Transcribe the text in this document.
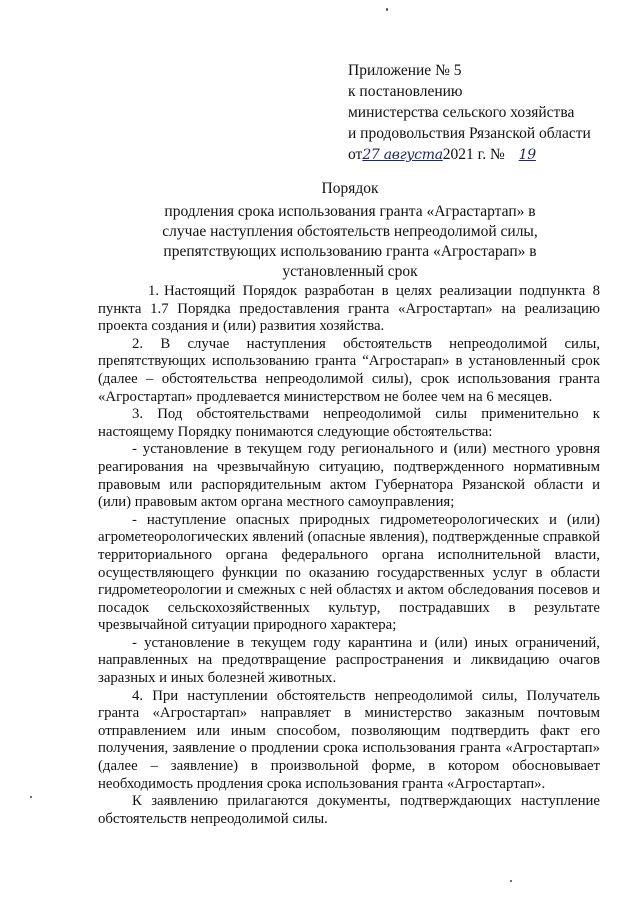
Приложение № 5
к постановлению
министерства сельского хозяйства
и продовольствия Рязанской области
от27 августа2021 г. № 19
Порядок
продления срока использования гранта «Аграстартап» в
случае наступления обстоятельств непреодолимой силы,
препятствующих использованию гранта «Агростарап» в
установленный срок

1. Настоящий Порядок разработан в целях реализации подпункта 8 пункта 1.7 Порядка предоставления гранта «Агростартап» на реализацию проекта создания и (или) развития хозяйства.

2. В случае наступления обстоятельств непреодолимой силы, препятствующих использованию гранта “Агростарап» в установленный срок (далее – обстоятельства непреодолимой силы), срок использования гранта «Агростартап» продлевается министерством не более чем на 6 месяцев.

3. Под обстоятельствами непреодолимой силы применительно к настоящему Порядку понимаются следующие обстоятельства:

- установление в текущем году регионального и (или) местного уровня реагирования на чрезвычайную ситуацию, подтвержденного нормативным правовым или распорядительным актом Губернатора Рязанской области и (или) правовым актом органа местного самоуправления;

- наступление опасных природных гидрометеорологических и (или) агрометеорологических явлений (опасные явления), подтвержденные справкой территориального органа федерального органа исполнительной власти, осуществляющего функции по оказанию государственных услуг в области гидрометеорологии и смежных с ней областях и актом обследования посевов и посадок сельскохозяйственных культур, пострадавших в результате чрезвычайной ситуации природного характера;

- установление в текущем году карантина и (или) иных ограничений, направленных на предотвращение распространения и ликвидацию очагов заразных и иных болезней животных.

4. При наступлении обстоятельств непреодолимой силы, Получатель гранта «Агростартап» направляет в министерство заказным почтовым отправлением или иным способом, позволяющим подтвердить факт его получения, заявление о продлении срока использования гранта «Агростартап» (далее – заявление) в произвольной форме, в котором обосновывает необходимость продления срока использования гранта «Агростартап».

К заявлению прилагаются документы, подтверждающих наступление обстоятельств непреодолимой силы.
